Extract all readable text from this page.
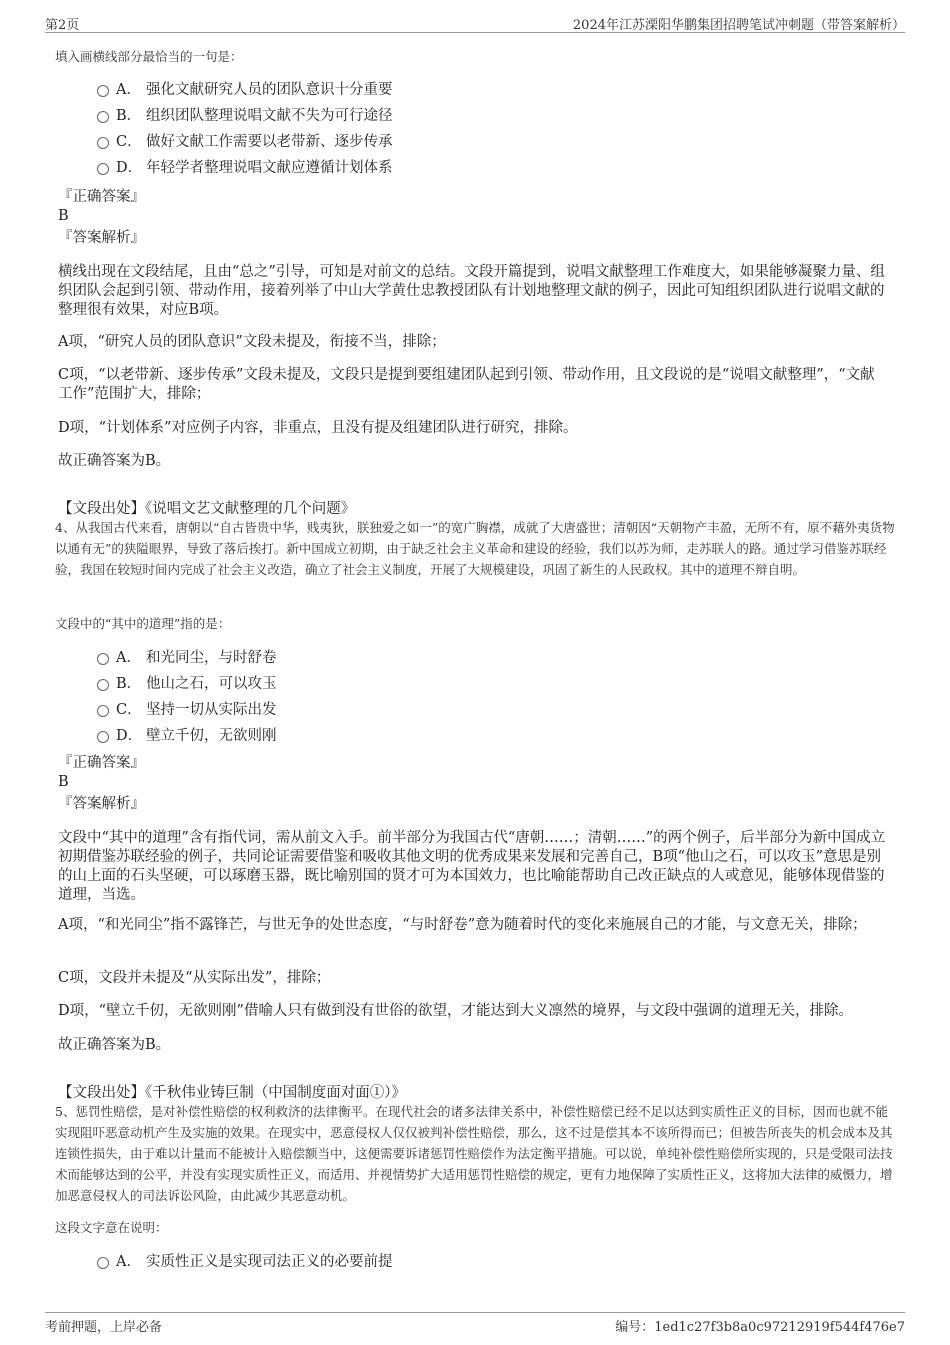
第2页	2024年江苏溧阳华鹏集团招聘笔试冲刺题（带答案解析）

填入画横线部分最恰当的一句是：

A． 强化文献研究人员的团队意识十分重要
B． 组织团队整理说唱文献不失为可行途径
C． 做好文献工作需要以老带新、逐步传承
D． 年轻学者整理说唱文献应遵循计划体系

『正确答案』

B

『答案解析』

横线出现在文段结尾，且由“总之”引导，可知是对前文的总结。文段开篇提到，说唱文献整理工作难度大，如果能够凝聚力量、组织团队会起到引领、带动作用，接着列举了中山大学黄仕忠教授团队有计划地整理文献的例子，因此可知组织团队进行说唱文献的整理很有效果，对应B项。

A项，“研究人员的团队意识”文段未提及，衔接不当，排除；

C项，“以老带新、逐步传承”文段未提及，文段只是提到要组建团队起到引领、带动作用，且文段说的是“说唱文献整理”，“文献工作”范围扩大，排除；

D项，“计划体系”对应例子内容，非重点，且没有提及组建团队进行研究，排除。

故正确答案为B。

【文段出处】《说唱文艺文献整理的几个问题》

4、从我国古代来看，唐朝以“自古皆贵中华，贱夷狄，朕独爱之如一”的宽广胸襟，成就了大唐盛世；清朝因“天朝物产丰盈，无所不有，原不藉外夷货物以通有无”的狭隘眼界，导致了落后挨打。新中国成立初期，由于缺乏社会主义革命和建设的经验，我们以苏为师，走苏联人的路。通过学习借鉴苏联经验，我国在较短时间内完成了社会主义改造，确立了社会主义制度，开展了大规模建设，巩固了新生的人民政权。其中的道理不辩自明。

文段中的“其中的道理”指的是：

A． 和光同尘，与时舒卷
B． 他山之石，可以攻玉
C． 坚持一切从实际出发
D． 壁立千仞，无欲则刚

『正确答案』

B

『答案解析』

文段中“其中的道理”含有指代词，需从前文入手。前半部分为我国古代“唐朝……；清朝……”的两个例子，后半部分为新中国成立初期借鉴苏联经验的例子，共同论证需要借鉴和吸收其他文明的优秀成果来发展和完善自己，B项“他山之石，可以攻玉”意思是别的山上面的石头坚硬，可以琢磨玉器，既比喻别国的贤才可为本国效力，也比喻能帮助自己改正缺点的人或意见，能够体现借鉴的道理，当选。

A项，“和光同尘”指不露锋芒，与世无争的处世态度，“与时舒卷”意为随着时代的变化来施展自己的才能，与文意无关，排除；

C项，文段并未提及“从实际出发”，排除；

D项，“壁立千仞，无欲则刚”借喻人只有做到没有世俗的欲望，才能达到大义凛然的境界，与文段中强调的道理无关，排除。

故正确答案为B。

【文段出处】《千秋伟业铸巨制（中国制度面对面①）》

5、惩罚性赔偿，是对补偿性赔偿的权利救济的法律衡平。在现代社会的诸多法律关系中，补偿性赔偿已经不足以达到实质性正义的目标，因而也就不能实现阻吓恶意动机产生及实施的效果。在现实中，恶意侵权人仅仅被判补偿性赔偿，那么，这不过是偿其本不该所得而已；但被告所丧失的机会成本及其连锁性损失，由于难以计量而不能被计入赔偿额当中，这便需要诉诸惩罚性赔偿作为法定衡平措施。可以说，单纯补偿性赔偿所实现的，只是受限司法技术而能够达到的公平，并没有实现实质性正义，而适用、并视情势扩大适用惩罚性赔偿的规定，更有力地保障了实质性正义，这将加大法律的威慑力，增加恶意侵权人的司法诉讼风险，由此减少其恶意动机。

这段文字意在说明：

A． 实质性正义是实现司法正义的必要前提
考前押题，上岸必备	编号：1ed1c27f3b8a0c97212919f544f476e7
